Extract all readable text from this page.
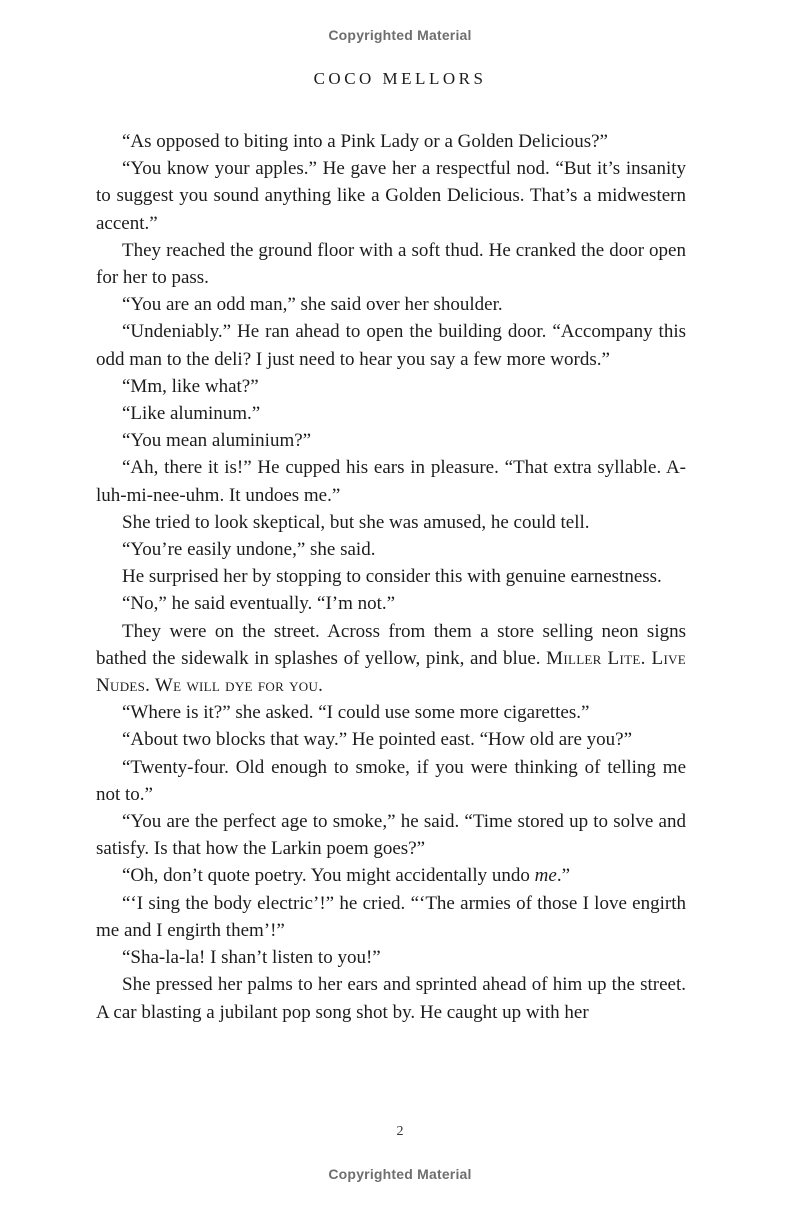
Copyrighted Material
COCO MELLORS

“As opposed to biting into a Pink Lady or a Golden Delicious?”

“You know your apples.” He gave her a respectful nod. “But it’s insanity to suggest you sound anything like a Golden Delicious. That’s a midwestern accent.”

They reached the ground floor with a soft thud. He cranked the door open for her to pass.

“You are an odd man,” she said over her shoulder.

“Undeniably.” He ran ahead to open the building door. “Accompany this odd man to the deli? I just need to hear you say a few more words.”

“Mm, like what?”

“Like aluminum.”

“You mean aluminium?”

“Ah, there it is!” He cupped his ears in pleasure. “That extra syllable. A-luh-mi-nee-uhm. It undoes me.”

She tried to look skeptical, but she was amused, he could tell.

“You’re easily undone,” she said.

He surprised her by stopping to consider this with genuine earnestness.

“No,” he said eventually. “I’m not.”

They were on the street. Across from them a store selling neon signs bathed the sidewalk in splashes of yellow, pink, and blue. Miller Lite. Live Nudes. We will dye for you.

“Where is it?” she asked. “I could use some more cigarettes.”

“About two blocks that way.” He pointed east. “How old are you?”

“Twenty-four. Old enough to smoke, if you were thinking of telling me not to.”

“You are the perfect age to smoke,” he said. “Time stored up to solve and satisfy. Is that how the Larkin poem goes?”

“Oh, don’t quote poetry. You might accidentally undo me.”

“‘I sing the body electric’!” he cried. “‘The armies of those I love engirth me and I engirth them’!”

“Sha-la-la! I shan’t listen to you!”

She pressed her palms to her ears and sprinted ahead of him up the street. A car blasting a jubilant pop song shot by. He caught up with her

2
Copyrighted Material
